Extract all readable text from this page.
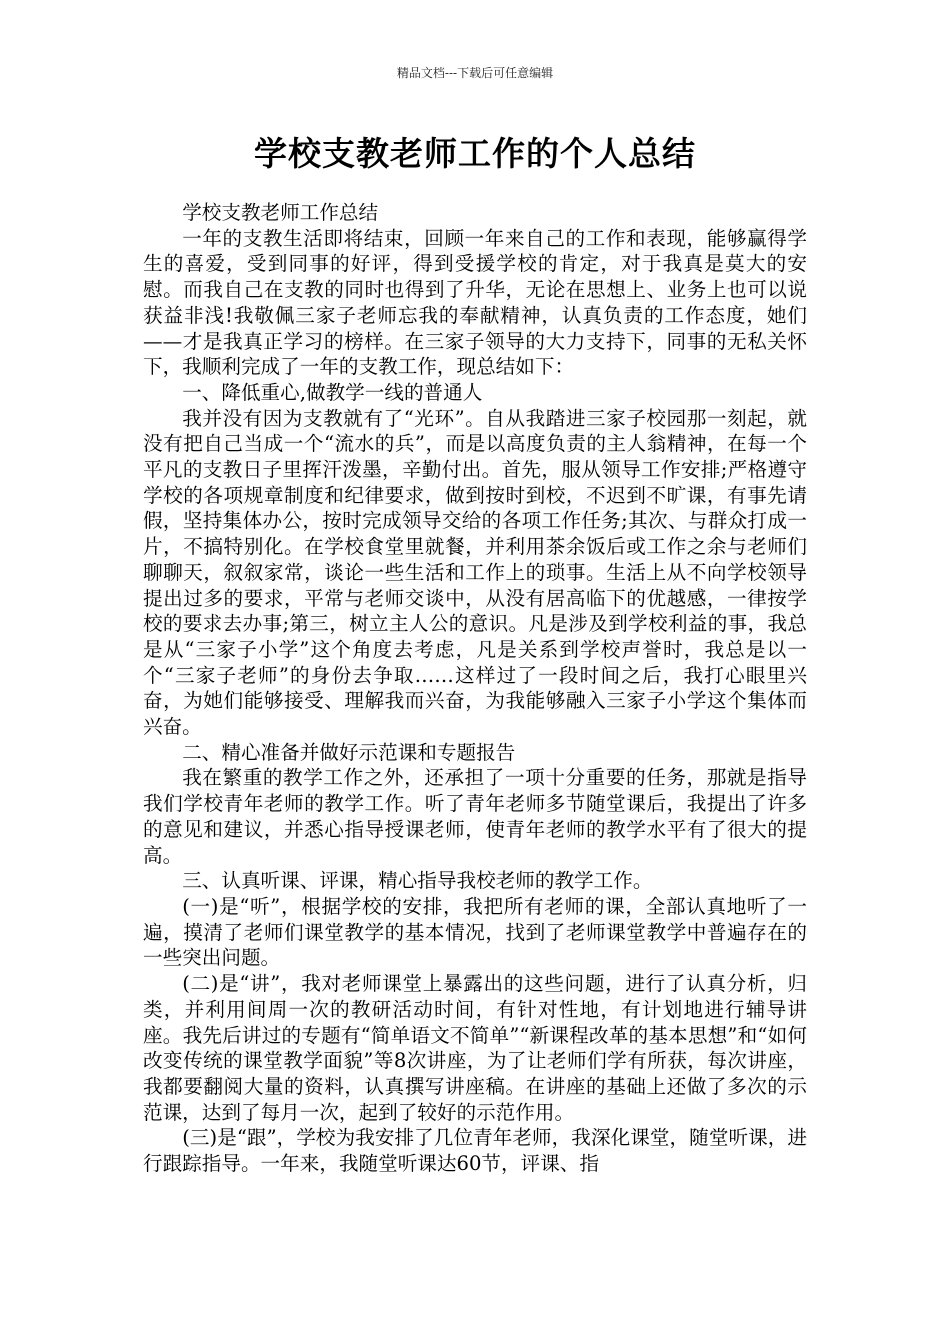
精品文档---下载后可任意编辑
学校支教老师工作的个人总结

学校支教老师工作总结

一年的支教生活即将结束，回顾一年来自己的工作和表现，能够赢得学生的喜爱，受到同事的好评，得到受援学校的肯定，对于我真是莫大的安慰。而我自己在支教的同时也得到了升华，无论在思想上、业务上也可以说获益非浅!我敬佩三家子老师忘我的奉献精神，认真负责的工作态度，她们——才是我真正学习的榜样。在三家子领导的大力支持下，同事的无私关怀下，我顺利完成了一年的支教工作，现总结如下：

一、降低重心,做教学一线的普通人

我并没有因为支教就有了“光环”。自从我踏进三家子校园那一刻起，就没有把自己当成一个“流水的兵”，而是以高度负责的主人翁精神，在每一个平凡的支教日子里挥汗泼墨，辛勤付出。首先，服从领导工作安排;严格遵守学校的各项规章制度和纪律要求，做到按时到校，不迟到不旷课，有事先请假，坚持集体办公，按时完成领导交给的各项工作任务;其次、与群众打成一片，不搞特别化。在学校食堂里就餐，并利用茶余饭后或工作之余与老师们聊聊天，叙叙家常，谈论一些生活和工作上的琐事。生活上从不向学校领导提出过多的要求，平常与老师交谈中，从没有居高临下的优越感，一律按学校的要求去办事;第三，树立主人公的意识。凡是涉及到学校利益的事，我总是从“三家子小学”这个角度去考虑，凡是关系到学校声誉时，我总是以一个“三家子老师”的身份去争取……这样过了一段时间之后，我打心眼里兴奋，为她们能够接受、理解我而兴奋，为我能够融入三家子小学这个集体而兴奋。

二、精心准备并做好示范课和专题报告

我在繁重的教学工作之外，还承担了一项十分重要的任务，那就是指导我们学校青年老师的教学工作。听了青年老师多节随堂课后，我提出了许多的意见和建议，并悉心指导授课老师，使青年老师的教学水平有了很大的提高。

三、认真听课、评课，精心指导我校老师的教学工作。

(一)是“听”，根据学校的安排，我把所有老师的课，全部认真地听了一遍，摸清了老师们课堂教学的基本情况，找到了老师课堂教学中普遍存在的一些突出问题。

(二)是“讲”，我对老师课堂上暴露出的这些问题，进行了认真分析，归类，并利用间周一次的教研活动时间，有针对性地，有计划地进行辅导讲座。我先后讲过的专题有“简单语文不简单”“新课程改革的基本思想”和“如何改变传统的课堂教学面貌”等8次讲座，为了让老师们学有所获，每次讲座，我都要翻阅大量的资料，认真撰写讲座稿。在讲座的基础上还做了多次的示范课，达到了每月一次，起到了较好的示范作用。

(三)是“跟”，学校为我安排了几位青年老师，我深化课堂，随堂听课，进行跟踪指导。一年来，我随堂听课达60节，评课、指
